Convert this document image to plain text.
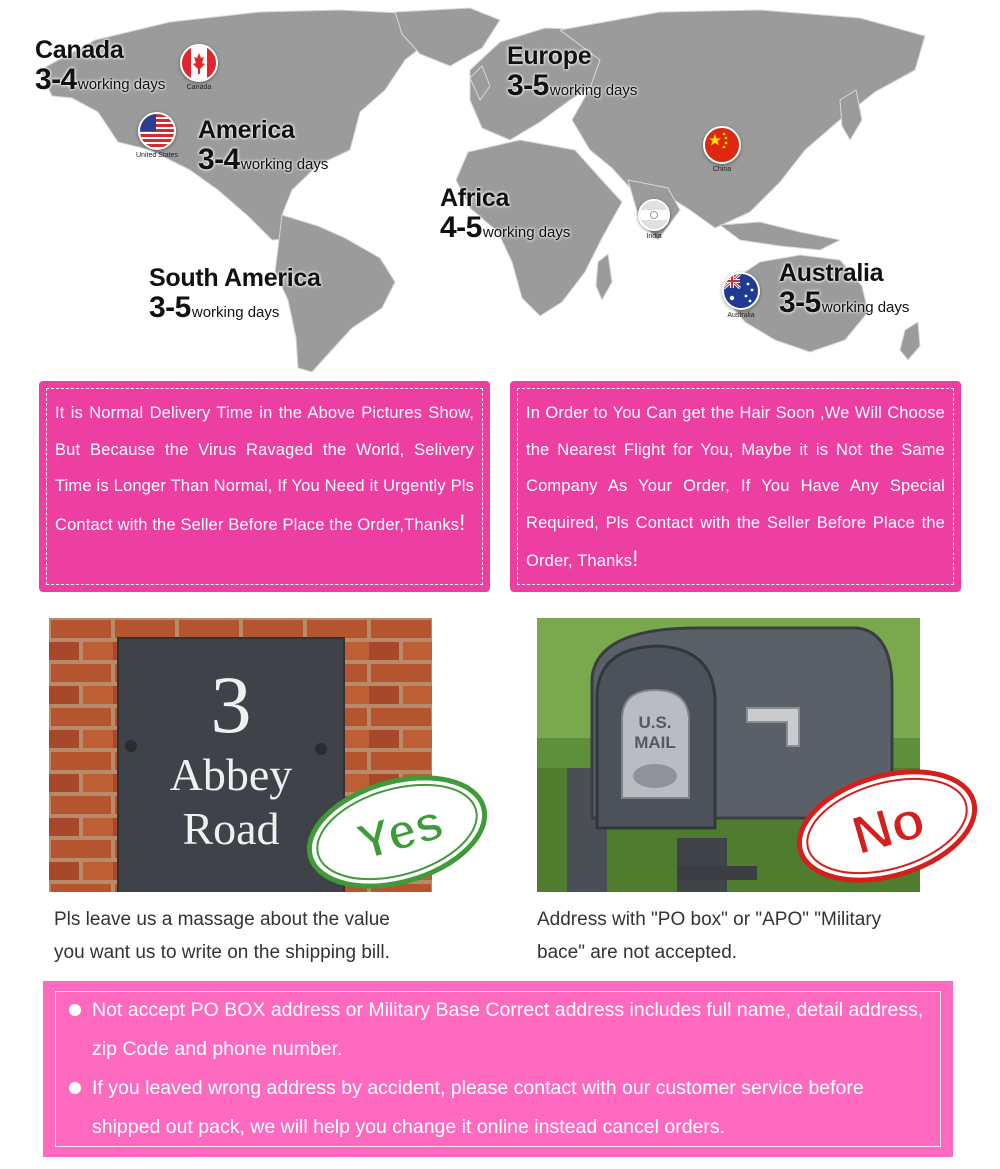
Canada
United States
China
India
Australia
Canada
3-4working days
America
3-4working days
Europe
3-5working days
Africa
4-5working days
South America
3-5working days
Australia
3-5working days
It is Normal Delivery Time in the Above Pictures Show, But Because the Virus Ravaged the World, Selivery Time is Longer Than Normal, If You Need it Urgently Pls Contact with the Seller Before Place the Order,Thanks!
In Order to You Can get the Hair Soon ,We Will Choose the Nearest Flight for You, Maybe it is Not the Same Company As Your Order, If You Have Any Special Required, Pls Contact with the Seller Before Place the Order, Thanks!
3
Abbey
Road Yes
Pls leave us a massage about the value
you want us to write on the shipping bill.
U.S.
MAIL
No
Address with "PO box" or "APO" "Military
bace" are not accepted.
Not accept PO BOX address or Military Base Correct address includes full name, detail address,
zip Code and phone number.
If you leaved wrong address by accident, please contact with our customer service before
shipped out pack, we will help you change it online instead cancel orders.
